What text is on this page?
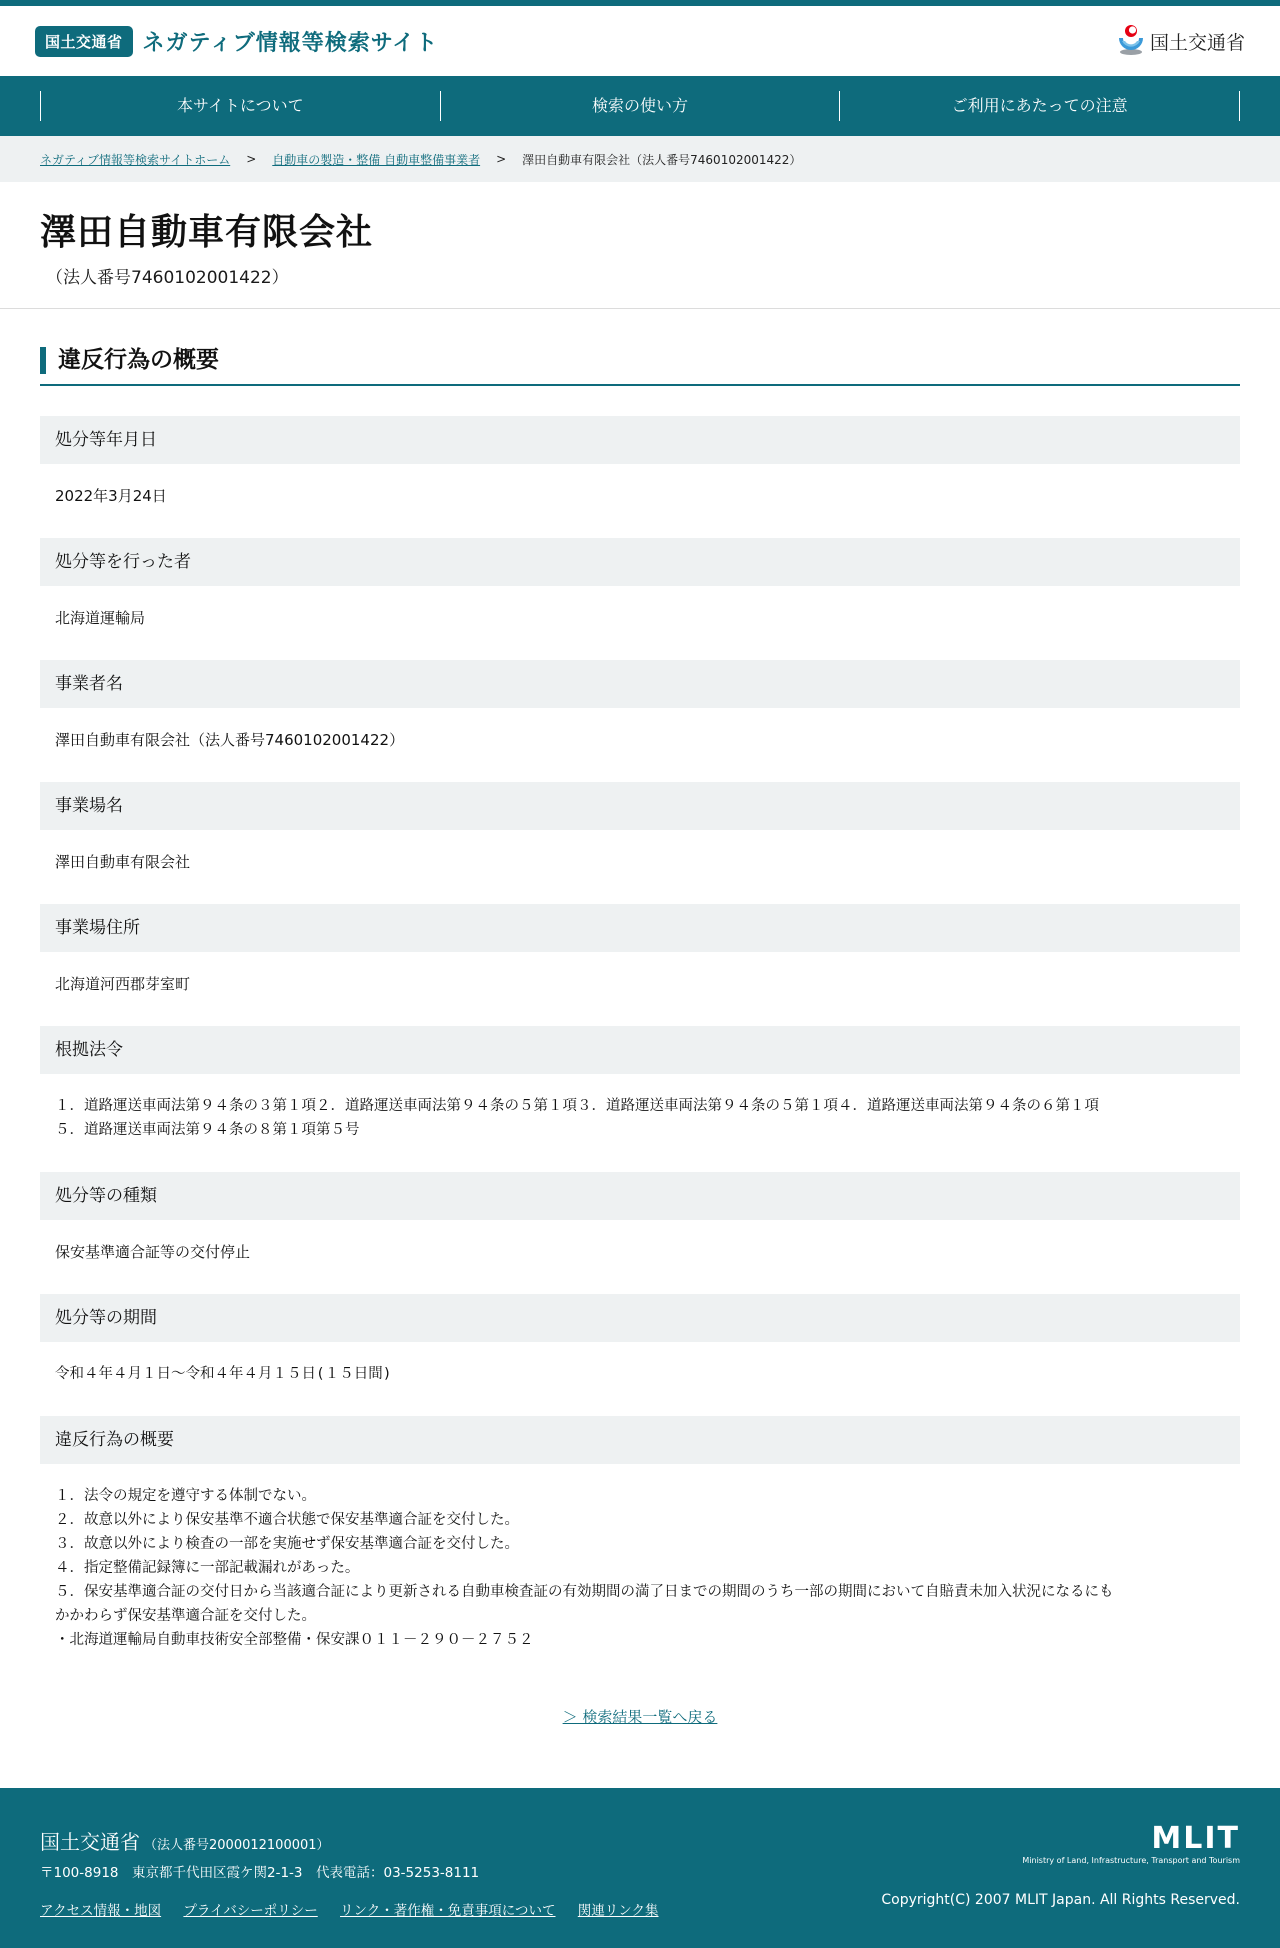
国土交通省 ネガティブ情報等検索サイト	国土交通省
本サイトについて	検索の使い方	ご利用にあたっての注意
ネガティブ情報等検索サイトホーム > 自動車の製造・整備 自動車整備事業者 > 澤田自動車有限会社（法人番号7460102001422）
澤田自動車有限会社
（法人番号7460102001422）
違反行為の概要
処分等年月日
2022年3月24日
処分等を行った者
北海道運輸局
事業者名
澤田自動車有限会社（法人番号7460102001422）
事業場名
澤田自動車有限会社
事業場住所
北海道河西郡芽室町
根拠法令
１．道路運送車両法第９４条の３第１項２．道路運送車両法第９４条の５第１項３．道路運送車両法第９４条の５第１項４．道路運送車両法第９４条の６第１項
５．道路運送車両法第９４条の８第１項第５号
処分等の種類
保安基準適合証等の交付停止
処分等の期間
令和４年４月１日～令和４年４月１５日(１５日間)
違反行為の概要
１．法令の規定を遵守する体制でない。
２．故意以外により保安基準不適合状態で保安基準適合証を交付した。
３．故意以外により検査の一部を実施せず保安基準適合証を交付した。
４．指定整備記録簿に一部記載漏れがあった。
５．保安基準適合証の交付日から当該適合証により更新される自動車検査証の有効期間の満了日までの期間のうち一部の期間において自賠責未加入状況になるにも
かかわらず保安基準適合証を交付した。
・北海道運輸局自動車技術安全部整備・保安課０１１－２９０－２７５２
＞ 検索結果一覧へ戻る
国土交通省 （法人番号2000012100001）
〒100-8918　東京都千代田区霞ケ関2-1-3　代表電話：03-5253-8111
アクセス情報・地図 プライバシーポリシー リンク・著作権・免責事項について 関連リンク集
MLIT
Ministry of Land, Infrastructure, Transport and Tourism
Copyright(C) 2007 MLIT Japan. All Rights Reserved.
